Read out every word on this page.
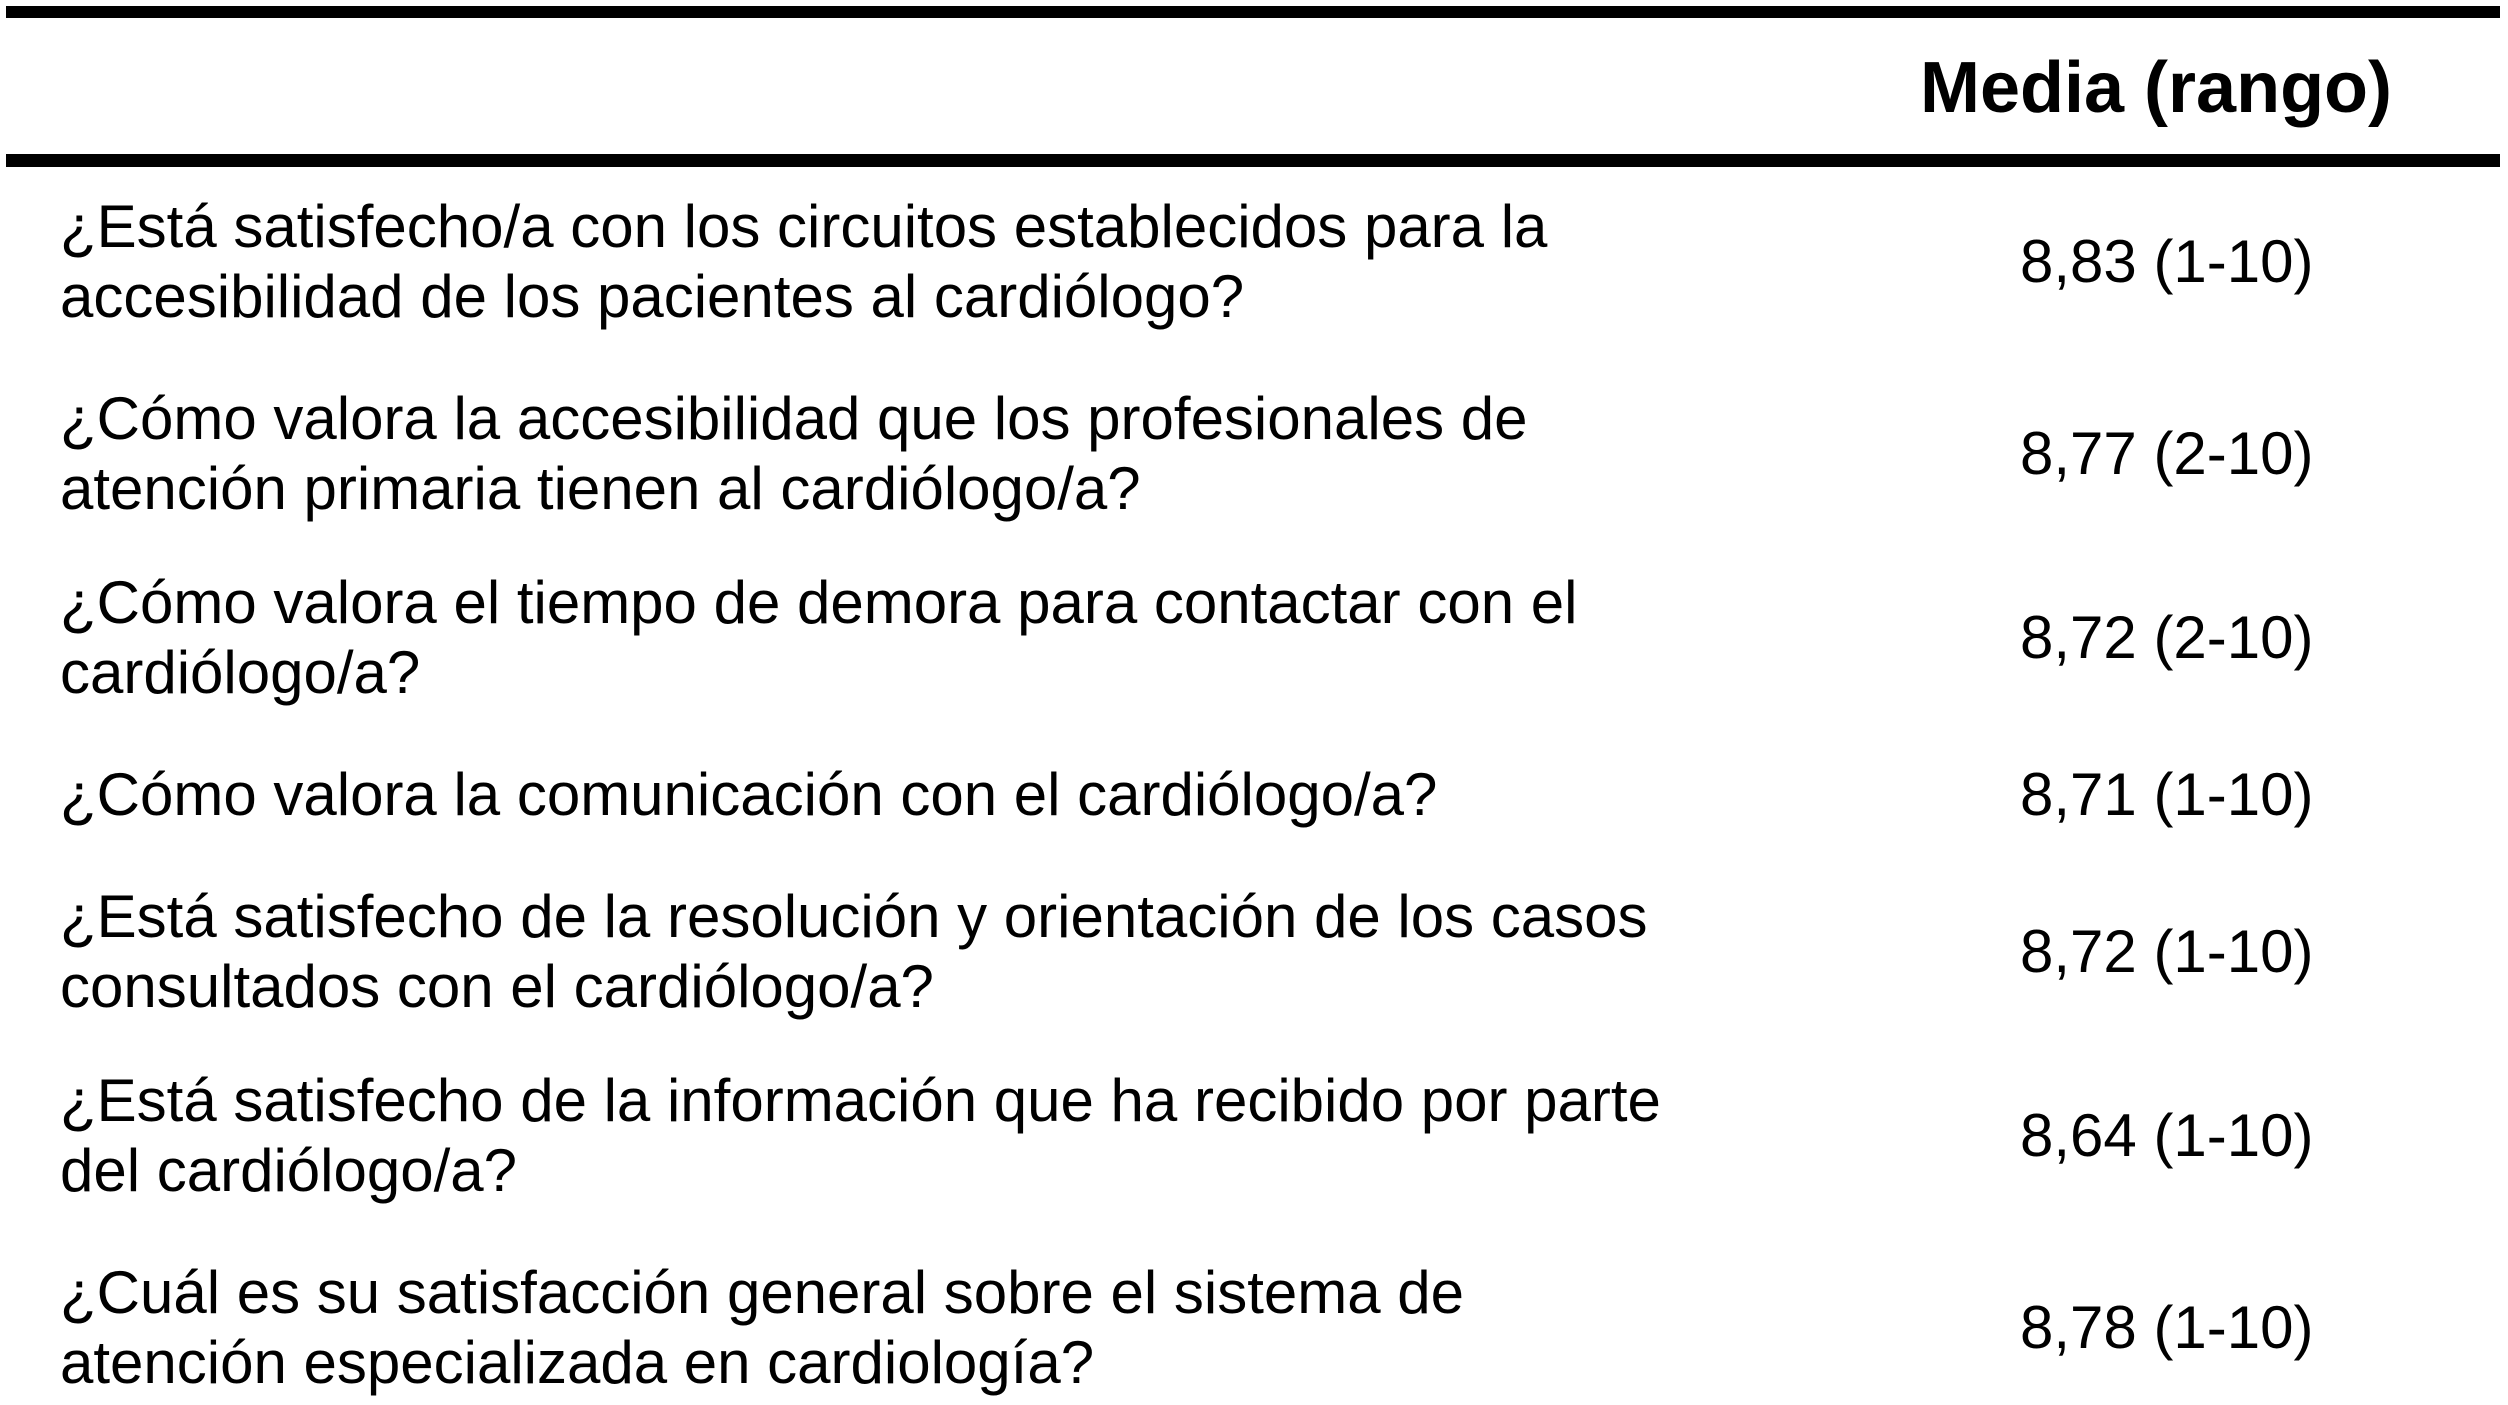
Media (rango)
¿Está satisfecho/a con los circuitos establecidos para la
accesibilidad de los pacientes al cardiólogo?
8,83 (1-10)
¿Cómo valora la accesibilidad que los profesionales de
atención primaria tienen al cardiólogo/a?
8,77 (2-10)
¿Cómo valora el tiempo de demora para contactar con el
cardiólogo/a?
8,72 (2-10)
¿Cómo valora la comunicación con el cardiólogo/a?	8,71 (1-10)
¿Está satisfecho de la resolución y orientación de los casos
consultados con el cardiólogo/a?
8,72 (1-10)
¿Está satisfecho de la información que ha recibido por parte
del cardiólogo/a?
8,64 (1-10)
¿Cuál es su satisfacción general sobre el sistema de
atención especializada en cardiología?
8,78 (1-10)
